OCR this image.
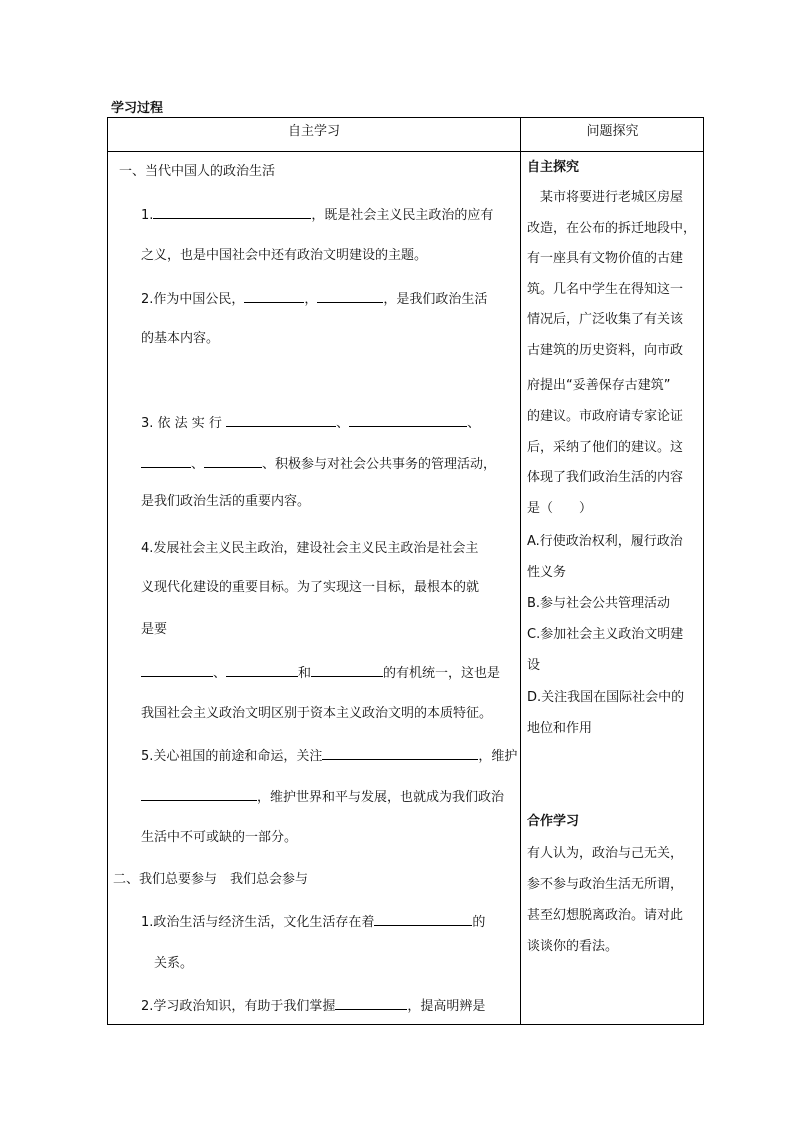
学习过程
自主学习	问题探究
一、当代中国人的政治生活
1.	，既是社会主义民主政治的应有
之义，也是中国社会中还有政治文明建设的主题。
2.作为中国公民，	，	，是我们政治生活
的基本内容。
3. 依 法 实 行	、	、
、	、积极参与对社会公共事务的管理活动，
是我们政治生活的重要内容。
4.发展社会主义民主政治，建设社会主义民主政治是社会主
义现代化建设的重要目标。为了实现这一目标，最根本的就
是要
、	和	的有机统一，这也是
我国社会主义政治文明区别于资本主义政治文明的本质特征。
5.关心祖国的前途和命运，关注	，维护
，维护世界和平与发展，也就成为我们政治
生活中不可或缺的一部分。
二、我们总要参与　我们总会参与
1.政治生活与经济生活，文化生活存在着	的
关系。
2.学习政治知识，有助于我们掌握	，提高明辨是
自主探究
　某市将要进行老城区房屋
改造，在公布的拆迁地段中，
有一座具有文物价值的古建
筑。几名中学生在得知这一
情况后，广泛收集了有关该
古建筑的历史资料，向市政
府提出“妥善保存古建筑”
的建议。市政府请专家论证
后，采纳了他们的建议。这
体现了我们政治生活的内容
是（　　）
A.行使政治权利，履行政治
性义务
B.参与社会公共管理活动
C.参加社会主义政治文明建
设
D.关注我国在国际社会中的
地位和作用
合作学习
有人认为，政治与己无关，
参不参与政治生活无所谓，
甚至幻想脱离政治。请对此
谈谈你的看法。
